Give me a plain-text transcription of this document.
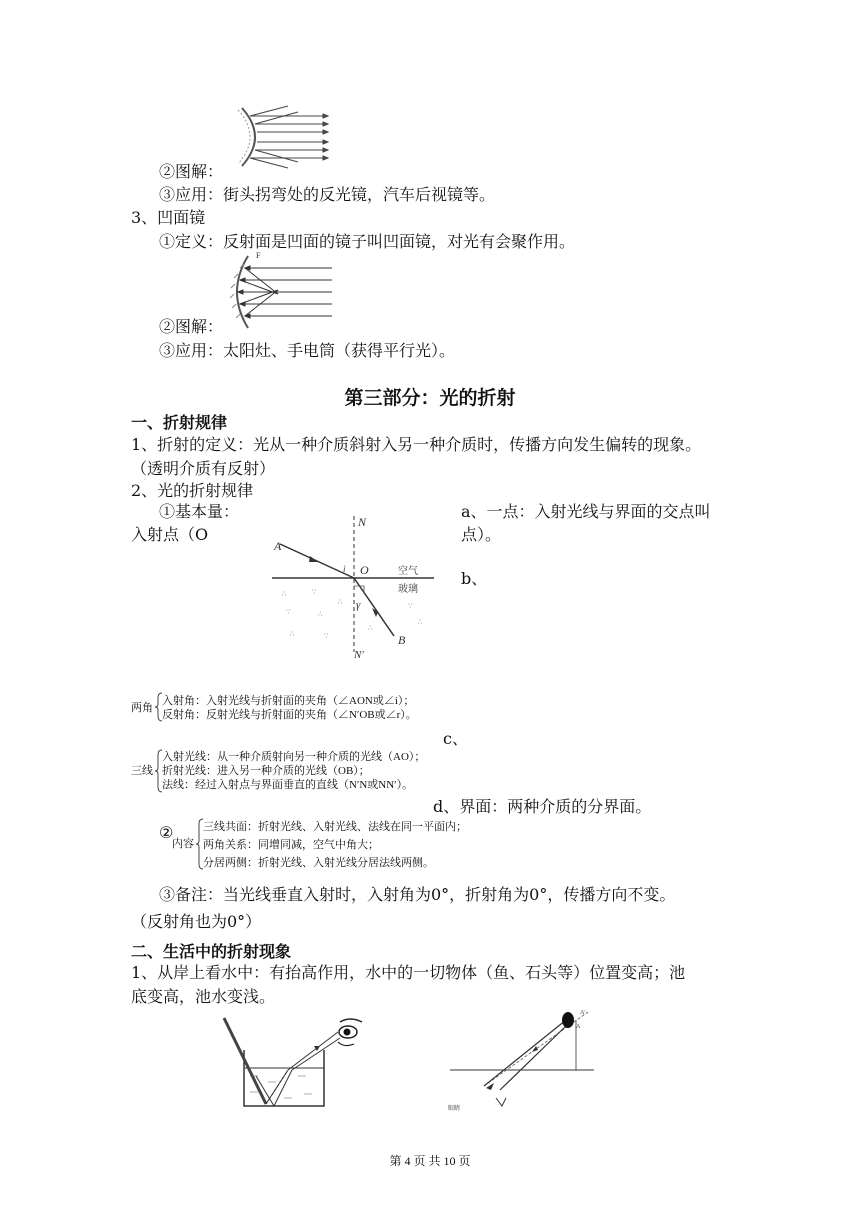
②图解：
③应用：街头拐弯处的反光镜，汽车后视镜等。
3、凹面镜
①定义：反射面是凹面的镜子叫凹面镜，对光有会聚作用。
F
②图解：
③应用：太阳灶、手电筒（获得平行光）。
第三部分：光的折射
一、折射规律
1、折射的定义：光从一种介质斜射入另一种介质时，传播方向发生偏转的现象。
（透明介质有反射）
2、光的折射规律
①基本量：
入射点（O
a、一点：入射光线与界面的交点叫
点）。
b、
N
A
i O	空气
玻璃
γ
B
N'
∴	∵
∴	∵
∵	∴
∴
∴	∵
∴
两角
入射角：入射光线与折射面的夹角（∠AON或∠i）；
反射角：反射光线与折射面的夹角（∠N′OB或∠r）。
c、
三线
入射光线：从一种介质射向另一种介质的光线（AO）；
折射光线：进入另一种介质的光线（OB）；
法线：经过入射点与界面垂直的直线（N′N或NN′）。
d、界面：两种介质的分界面。
②
内容
三线共面：折射光线、入射光线、法线在同一平面内；
两角关系：同增同减，空气中角大；
分居两侧：折射光线、入射光线分居法线两侧。
③备注：当光线垂直入射时，入射角为0°，折射角为0°，传播方向不变。
（反射角也为0°）
二、生活中的折射现象
1、从岸上看水中：有抬高作用，水中的一切物体（鱼、石头等）位置变高；池
底变高，池水变浅。
A'
A
眼睛
第 4 页 共 10 页
